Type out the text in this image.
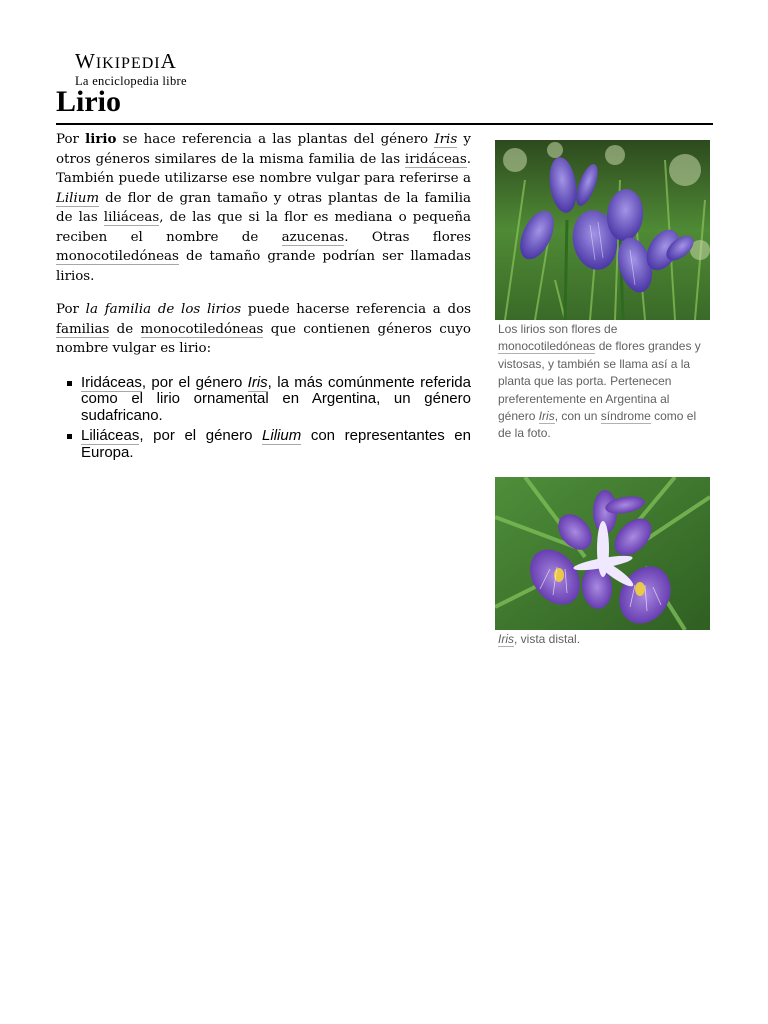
WIKIPEDIA
La enciclopedia libre
Lirio

Por lirio se hace referencia a las plantas del género Iris y otros géneros similares de la misma familia de las iridáceas. También puede utilizarse ese nombre vulgar para referirse a Lilium de flor de gran tamaño y otras plantas de la familia de las liliáceas, de las que si la flor es mediana o pequeña reciben el nombre de azucenas. Otras flores monocotiledóneas de tamaño grande podrían ser llamadas lirios.

Por la familia de los lirios puede hacerse referencia a dos familias de monocotiledóneas que contienen géneros cuyo nombre vulgar es lirio:

Iridáceas, por el género Iris, la más comúnmente referida como el lirio ornamental en Argentina, un género sudafricano.
Liliáceas, por el género Lilium con representantes en Europa.
Los lirios son flores de monocotiledóneas de flores grandes y vistosas, y también se llama así a la planta que las porta. Pertenecen preferentemente en Argentina al género Iris, con un síndrome como el de la foto.
Iris, vista distal.
